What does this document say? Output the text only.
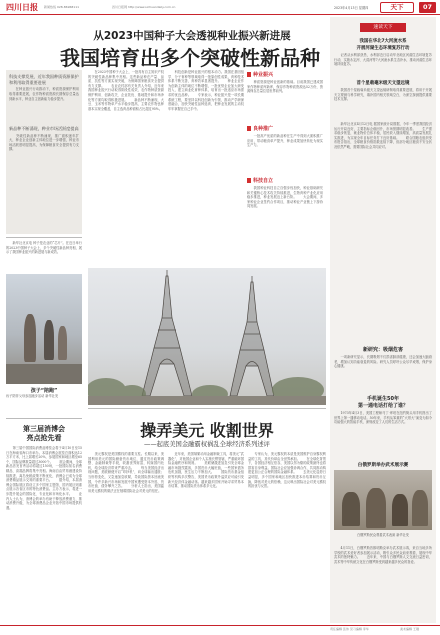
四川日报 新闻热线 028-86968111	四川日报网 http://www.sichuandaily.com.cn	2023年4月13日 星期四	天下	07
从2023中国种子大会透视种业振兴新进展
我国培育出多个突破性新品种
科技支撑发展，近年我国种质资源保护和利用取得重要进展
　　在种业振兴行动推动下，种质资源保护利用取得重要进展，农作物种质资源长期保存总量达到新水平，种业自主创新能力稳步提升。
新品种不断涌现，种业市场活跃度提高
　　突破性新品种不断涌现，推广面积逐年扩大，种业企业创新主体地位进一步增强，种业市场活跃度明显提高，为保障粮食安全提供有力支撑。
　　新华社北京电 种子是农业的“芯片”。在近日举行的2023中国种子大会上，多个突破性新品种亮相，展示了我国种业振兴的新进展与新成效。
孩子“陪跑”
孩子陪伴父母参加跑步活动 新华社发
第三届消博会
亮点抢先看
　　第三届中国国际消费品博览会将于4月10日至15日在海南省海口市举办。本届消博会展览总面积达12万平方米，比上届增长20%，参展国家和地区增至65个，国际品牌数量超过3000个。　　展会期间，全球新品首发首秀活动将超过150场，一批国际知名消费精品、高端品牌将集中亮相。海南自由贸易港建设持续推进，离岛免税政策不断优化，消博会已成为全球消费精品展示交易的重要平台。　　据介绍，本届消博会国际展区将设立多个国家主题馆，国内展区则重点展示各省区市的特色消费品。主办方表示，将进一步提升展会的国际化、专业化和市场化水平。　　业内人士认为，消博会的举办有助于释放消费潜力，推动消费升级，为全球消费品企业开拓中国市场提供机遇。
　　在2023中国种子大会上，一批具有自主知识产权的突破性新品种集中亮相。这些新品种在产量、品质、抗性等方面实现突破，为保障国家粮食安全提供有力支撑。　　农业农村部有关负责人介绍，近年来我国种业振兴行动取得阶段性成效，农作物种质资源保护利用、创新攻关、企业扶优、基地提升和市场净化等方面均取得积极进展。　　新品种不断涌现，大豆、玉米等作物单产水平稳步提高，主要农作物良种基本实现全覆盖，自主选育品种面积占比超过95%。
　　科技创新是种业振兴的根本动力。我国在基因组学、分子育种等领域取得一批原创性成果，育种技术体系不断完善，育种效率显著提升。　　种业企业作为创新主体的地位不断增强，一批优势企业加大研发投入，建立商业化育种体系，培育出一批适应市场需求的优良品种。　　专家表示，种业振兴是一项长期系统工程，要坚持以科技创新为引领，推动产学研深度融合，加快突破性品种选育，把种业发展的主动权牢牢掌握在自己手中。
种业振兴
　　种质资源是种业创新的基础。目前我国已建成国家作物种质库新库，保存作物种质资源达52万份，资源保存总量位居世界前列。
良种推广
　　一批高产优质的新品种在生产中得到大面积推广应用，带动粮食单产提升，种业成果加快转化为现实生产力。
科技自立
　　我国种业科技自立自强步伐加快，种业基础研究和关键核心技术攻关持续推进，生物育种产业化应用稳步推进，种业发展迈上新台阶。　　大会期间，多家种业企业签约合作项目，推动种业产业链上下游协同发展。
操弄美元 收割世界
——起底美国金融霸权祸乱全球经济系列述评
　　美元霸权是美国霸权的重要支柱。长期以来，美国利用美元的国际储备货币地位，通过货币政策调整、金融制裁等手段，收割世界财富，转嫁国内危机，给全球经济带来严重冲击。　　每当美国经济出现问题，美联储便开启“印钞机”，向全球输出通胀；当形势变化，又急速加息收紧，导致国际资本回流美国，令许多新兴市场和发展中国家遭受资本外逃、货币贬值、债务攀升之苦。　　分析人士指出，美国滥用美元霸权的做法正在削弱国际社会对美元的信任。
　　近年来，美国频繁动用金融制裁工具，将美元“武器化”，对他国企业和个人实施长臂管辖，严重破坏国际金融秩序和规则。　　美联储激进加息引发全球金融市场剧烈震荡，多国货币大幅贬值，一些国家债务危机加剧，民生压力不断加大。　　国际货币基金组织等机构多次警告，美国货币政策外溢效应可能引发新兴经济体金融动荡。越来越多国家开始寻求贸易本币结算，推动国际货币体系多元化。
　　专家认为，美元霸权的本质是美国维护自身霸权利益的工具，其代价却由全世界承担。　　在全球化背景下，各国经济相互依存，美国以邻为壑的政策最终也将损害自身利益。国际社会应加强协调合作，共同推动构建更加公正合理的国际金融体系。　　去美元化趋势日益明显，多个国家和地区加快推进本币结算和货币互换，降低对美元的依赖，这反映出国际社会对美元霸权的担忧与反思。
速读天下
我国在华北7大河流水系
开展河湖生态环境复苏行动
　　记者从水利部获悉，水利部近日启动华北地区河湖生态环境复苏行动，实施永定河、大清河等7大河流水系生态补水，推动河湖生态环境持续复苏。
首个星载毫米级天文望远镜
　　我国首个星载毫米级天文望远镜研制取得重要进展，将用于开展天文观测与科学研究，填补国内相关领域空白，为深空探测提供重要技术支撑。
　　新华社北京4月12日电 据国家统计局数据，今年一季度我国经济运行开局良好，主要指标企稳回升，市场预期明显改善。　　生产需求稳步恢复，就业物价总体平稳，居民收入继续增加，高质量发展扎实推进，为实现全年目标任务打下良好基础。　　联合国粮农组织发布报告指出，全球粮食价格指数连续下降，但部分地区粮食不安全状况依然严峻，需要国际社会共同应对。
新研究：吸烟危害
　　一项新研究显示，长期吸烟不仅损害肺部健康，还会加速大脑衰老，增加认知功能衰退的风险。研究人员呼吁公众尽早戒烟，保护身心健康。
手机诞生50年
第一通电话打给了谁？
　　1973年4月3日，美国工程师马丁·库珀在纽约街头用手机拨出了世界上第一通移动电话。50年来，手机从笨重的“大哥大”演变为如今功能强大的智能手机，深刻改变了人们的生活方式。
白俄罗斯举办武术展示赛
白俄罗斯民众观看武术表演 新华社发
　　4月11日，白俄罗斯首都明斯克举办武术展示赛，来自当地多所学校的武术爱好者参加展示活动，吸引众多民众前来观看，展现中华武术的独特魅力。　　近年来，中国与白俄罗斯人文交流日益密切，武术等中华传统文化在白俄罗斯受到越来越多民众的喜爱。
责任编辑 张伟 见习编辑 李华	美术编辑 王刚
